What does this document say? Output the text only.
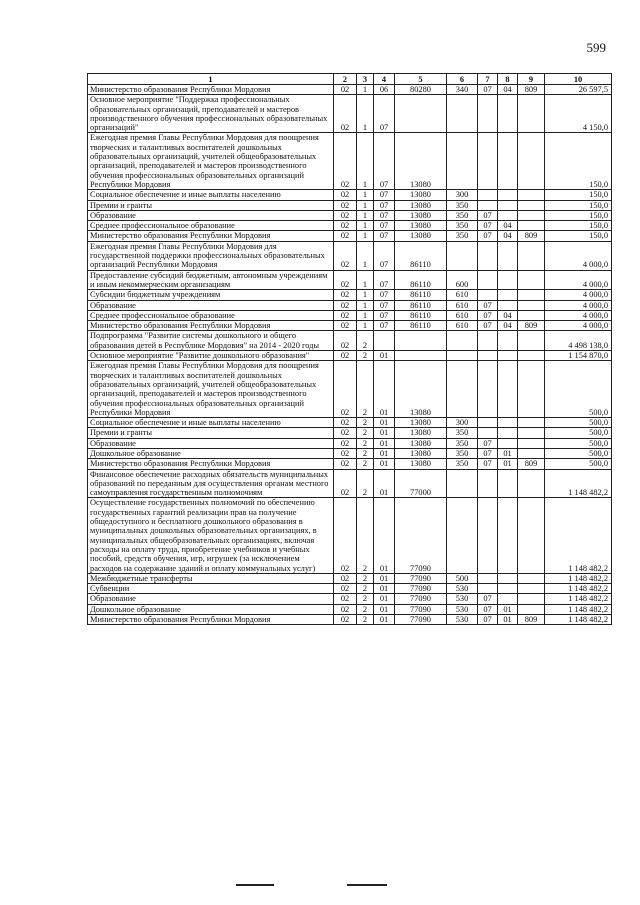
599
1	2	3	4	5	6	7	8	9	10
Министерство образования Республики Мордовия	02	1	06	80280	340	07	04	809	26 597,5
Основное мероприятие "Поддержка профессиональных образовательных организаций, преподавателей и мастеров производственного обучения профессиональных образовательных организаций"	02	1	07						4 150,0
Ежегодная премия Главы Республики Мордовия для поощрения творческих и талантливых воспитателей дошкольных образовательных организаций, учителей общеобразовательных организаций, преподавателей и мастеров производственного обучения профессиональных образовательных организаций Республики Мордовия	02	1	07	13080					150,0
Социальное обеспечение и иные выплаты населению	02	1	07	13080	300				150,0
Премии и гранты	02	1	07	13080	350				150,0
Образование	02	1	07	13080	350	07			150,0
Среднее профессиональное образование	02	1	07	13080	350	07	04		150,0
Министерство образования Республики Мордовия	02	1	07	13080	350	07	04	809	150,0
Ежегодная премия Главы Республики Мордовия для государственной поддержки профессиональных образовательных организаций Республики Мордовия	02	1	07	86110					4 000,0
Предоставление субсидий бюджетным, автономным учреждениям и иным некоммерческим организациям	02	1	07	86110	600				4 000,0
Субсидии бюджетным учреждениям	02	1	07	86110	610				4 000,0
Образование	02	1	07	86110	610	07			4 000,0
Среднее профессиональное образование	02	1	07	86110	610	07	04		4 000,0
Министерство образования Республики Мордовия	02	1	07	86110	610	07	04	809	4 000,0
Подпрограмма "Развитие системы дошкольного и общего образования детей в Республике Мордовия" на 2014 - 2020 годы	02	2							4 498 138,0
Основное мероприятие "Развитие дошкольного образования"	02	2	01						1 154 870,0
Ежегодная премия Главы Республики Мордовия для поощрения творческих и талантливых воспитателей дошкольных образовательных организаций, учителей общеобразовательных организаций, преподавателей и мастеров производственного обучения профессиональных образовательных организаций Республики Мордовия	02	2	01	13080					500,0
Социальное обеспечение и иные выплаты населению	02	2	01	13080	300				500,0
Премии и гранты	02	2	01	13080	350				500,0
Образование	02	2	01	13080	350	07			500,0
Дошкольное образование	02	2	01	13080	350	07	01		500,0
Министерство образования Республики Мордовия	02	2	01	13080	350	07	01	809	500,0
Финансовое обеспечение расходных обязательств муниципальных образований по переданным для осуществления органам местного самоуправления государственным полномочиям	02	2	01	77000					1 148 482,2
Осуществление государственных полномочий по обеспечению государственных гарантий реализации прав на получение общедоступного и бесплатного дошкольного образования в муниципальных дошкольных образовательных организациях, в муниципальных общеобразовательных организациях, включая расходы на оплату труда, приобретение учебников и учебных пособий, средств обучения, игр, игрушек (за исключением расходов на содержание зданий и оплату коммунальных услуг)	02	2	01	77090					1 148 482,2
Межбюджетные трансферты	02	2	01	77090	500				1 148 482,2
Субвенции	02	2	01	77090	530				1 148 482,2
Образование	02	2	01	77090	530	07			1 148 482,2
Дошкольное образование	02	2	01	77090	530	07	01		1 148 482,2
Министерство образования Республики Мордовия	02	2	01	77090	530	07	01	809	1 148 482,2
